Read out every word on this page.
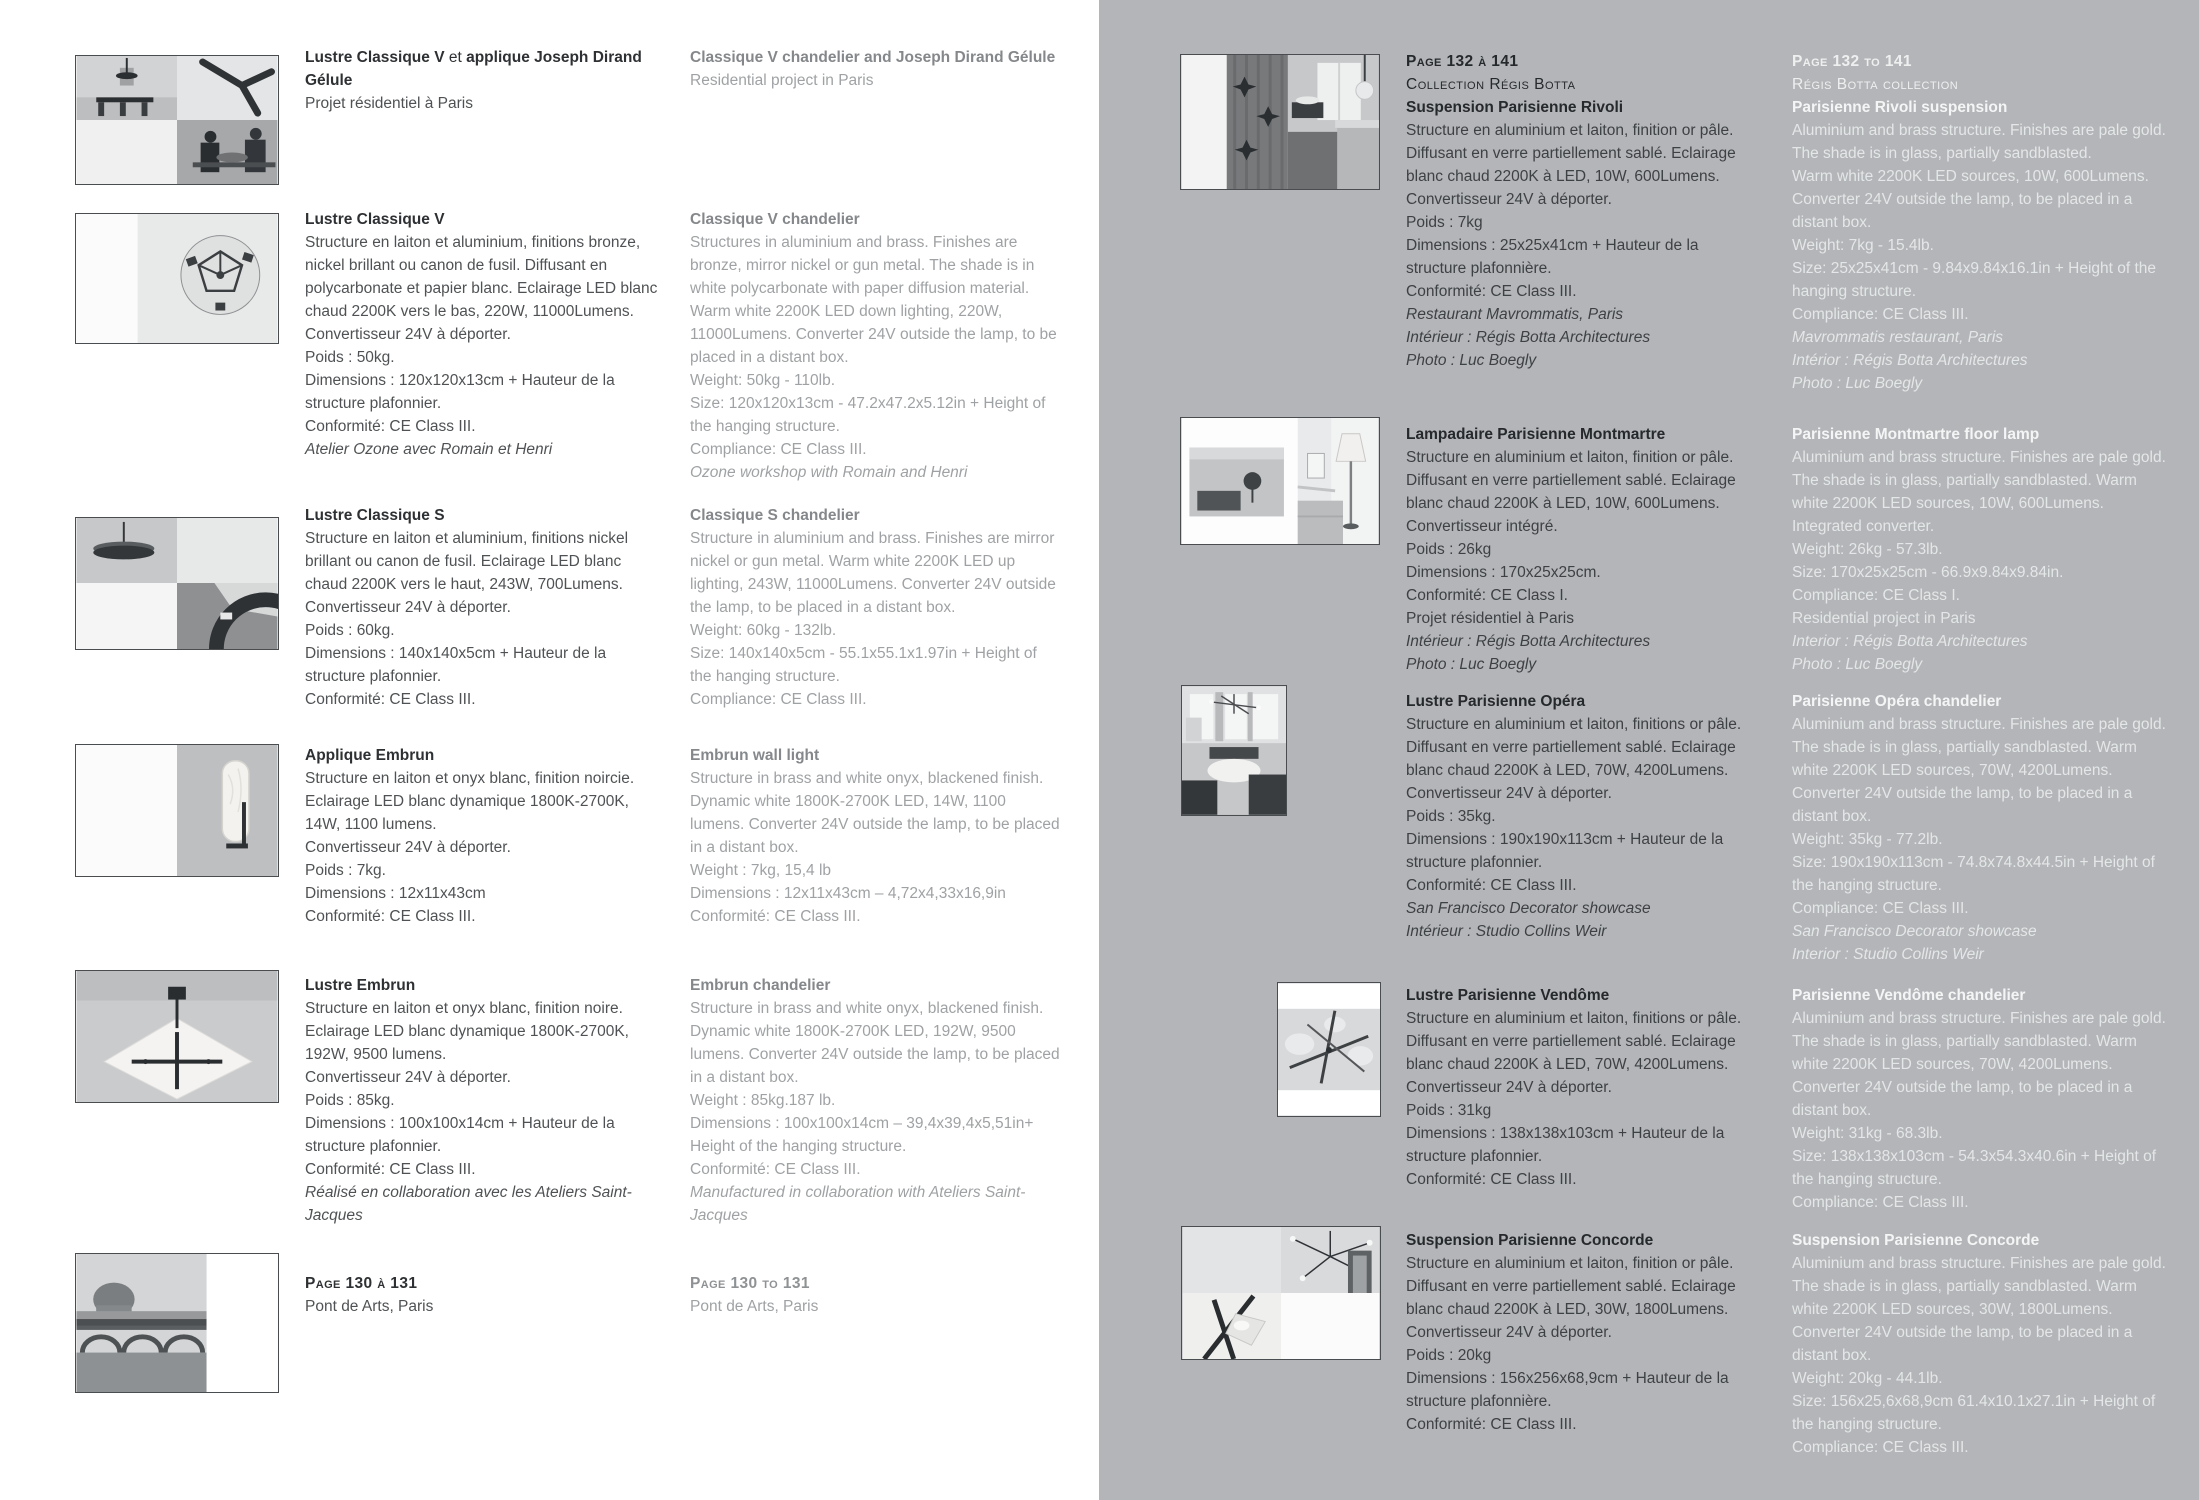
Lustre Classique V et applique Joseph Dirand Gélule

Projet résidentiel à Paris

Lustre Classique V

Structure en laiton et aluminium, finitions bronze, nickel brillant ou canon de fusil. Diffusant en polycarbonate et papier blanc. Eclairage LED blanc chaud 2200K vers le bas, 220W, 11000Lumens. Convertisseur 24V à déporter.

Poids : 50kg.

Dimensions : 120x120x13cm + Hauteur de la structure plafonnier.

Conformité: CE Class III.

Atelier Ozone avec Romain et Henri

Lustre Classique S

Structure en laiton et aluminium, finitions nickel brillant ou canon de fusil. Eclairage LED blanc chaud 2200K vers le haut, 243W, 700Lumens. Convertisseur 24V à déporter.

Poids : 60kg.

Dimensions : 140x140x5cm + Hauteur de la structure plafonnier.

Conformité: CE Class III.

Applique Embrun

Structure en laiton et onyx blanc, finition noircie.

Eclairage LED blanc dynamique 1800K-2700K, 14W, 1100 lumens.

Convertisseur 24V à déporter.

Poids : 7kg.

Dimensions : 12x11x43cm

Conformité: CE Class III.

Lustre Embrun

Structure en laiton et onyx blanc, finition noire.

Eclairage LED blanc dynamique 1800K-2700K, 192W, 9500 lumens.

Convertisseur 24V à déporter.

Poids : 85kg.

Dimensions : 100x100x14cm + Hauteur de la structure plafonnier.

Conformité: CE Class III.

Réalisé en collaboration avec les Ateliers Saint-Jacques

Page 130 à 131

Pont de Arts, Paris

Classique V chandelier and Joseph Dirand Gélule

Residential project in Paris

Classique V chandelier

Structures in aluminium and brass. Finishes are bronze, mirror nickel or gun metal. The shade is in white polycarbonate with paper diffusion material. Warm white 2200K LED down lighting, 220W, 11000Lumens. Converter 24V outside the lamp, to be placed in a distant box.

Weight: 50kg - 110lb.

Size: 120x120x13cm - 47.2x47.2x5.12in + Height of the hanging structure.

Compliance: CE Class III.

Ozone workshop with Romain and Henri

Classique S chandelier

Structure in aluminium and brass. Finishes are mirror nickel or gun metal. Warm white 2200K LED up lighting, 243W, 11000Lumens. Converter 24V outside the lamp, to be placed in a distant box.

Weight: 60kg - 132lb.

Size: 140x140x5cm - 55.1x55.1x1.97in + Height of the hanging structure.

Compliance: CE Class III.

Embrun wall light

Structure in brass and white onyx, blackened finish.

Dynamic white 1800K-2700K LED, 14W, 1100 lumens. Converter 24V outside the lamp, to be placed in a distant box.

Weight : 7kg, 15,4 lb

Dimensions : 12x11x43cm – 4,72x4,33x16,9in

Conformité: CE Class III.

Embrun chandelier

Structure in brass and white onyx, blackened finish.

Dynamic white 1800K-2700K LED, 192W, 9500 lumens. Converter 24V outside the lamp, to be placed in a distant box.

Weight : 85kg.187 lb.

Dimensions : 100x100x14cm – 39,4x39,4x5,51in+ Height of the hanging structure.

Conformité: CE Class III.

Manufactured in collaboration with Ateliers Saint-Jacques

Page 130 to 131

Pont de Arts, Paris

Page 132 à 141

Collection Régis Botta

Suspension Parisienne Rivoli

Structure en aluminium et laiton, finition or pâle. Diffusant en verre partiellement sablé. Eclairage blanc chaud 2200K à LED, 10W, 600Lumens. Convertisseur 24V à déporter.

Poids : 7kg

Dimensions : 25x25x41cm + Hauteur de la structure plafonnière.

Conformité: CE Class III.

Restaurant Mavrommatis, Paris

Intérieur : Régis Botta Architectures

Photo : Luc Boegly

Lampadaire Parisienne Montmartre

Structure en aluminium et laiton, finition or pâle. Diffusant en verre partiellement sablé. Eclairage blanc chaud 2200K à LED, 10W, 600Lumens. Convertisseur intégré.

Poids : 26kg

Dimensions : 170x25x25cm.

Conformité: CE Class I.

Projet résidentiel à Paris

Intérieur : Régis Botta Architectures

Photo : Luc Boegly

Lustre Parisienne Opéra

Structure en aluminium et laiton, finitions or pâle. Diffusant en verre partiellement sablé. Eclairage blanc chaud 2200K à LED, 70W, 4200Lumens. Convertisseur 24V à déporter.

Poids : 35kg.

Dimensions : 190x190x113cm + Hauteur de la structure plafonnier.

Conformité: CE Class III.

San Francisco Decorator showcase

Intérieur : Studio Collins Weir

Lustre Parisienne Vendôme

Structure en aluminium et laiton, finitions or pâle. Diffusant en verre partiellement sablé. Eclairage blanc chaud 2200K à LED, 70W, 4200Lumens. Convertisseur 24V à déporter.

Poids : 31kg

Dimensions : 138x138x103cm + Hauteur de la structure plafonnier.

Conformité: CE Class III.

Suspension Parisienne Concorde

Structure en aluminium et laiton, finition or pâle. Diffusant en verre partiellement sablé. Eclairage blanc chaud 2200K à LED, 30W, 1800Lumens. Convertisseur 24V à déporter.

Poids : 20kg

Dimensions : 156x256x68,9cm + Hauteur de la structure plafonnière.

Conformité: CE Class III.

Page 132 to 141

Régis Botta collection

Parisienne Rivoli suspension

Aluminium and brass structure. Finishes are pale gold. The shade is in glass, partially sandblasted.

Warm white 2200K LED sources, 10W, 600Lumens. Converter 24V outside the lamp, to be placed in a distant box.

Weight: 7kg - 15.4lb.

Size: 25x25x41cm - 9.84x9.84x16.1in + Height of the hanging structure.

Compliance: CE Class III.

Mavrommatis restaurant, Paris

Intérior : Régis Botta Architectures

Photo : Luc Boegly

Parisienne Montmartre floor lamp

Aluminium and brass structure. Finishes are pale gold. The shade is in glass, partially sandblasted. Warm white 2200K LED sources, 10W, 600Lumens. Integrated converter.

Weight: 26kg - 57.3lb.

Size: 170x25x25cm - 66.9x9.84x9.84in.

Compliance: CE Class I.

Residential project in Paris

Interior : Régis Botta Architectures

Photo : Luc Boegly

Parisienne Opéra chandelier

Aluminium and brass structure. Finishes are pale gold. The shade is in glass, partially sandblasted. Warm white 2200K LED sources, 70W, 4200Lumens. Converter 24V outside the lamp, to be placed in a distant box.

Weight: 35kg - 77.2lb.

Size: 190x190x113cm - 74.8x74.8x44.5in + Height of the hanging structure.

Compliance: CE Class III.

San Francisco Decorator showcase

Interior : Studio Collins Weir

Parisienne Vendôme chandelier

Aluminium and brass structure. Finishes are pale gold. The shade is in glass, partially sandblasted. Warm white 2200K LED sources, 70W, 4200Lumens. Converter 24V outside the lamp, to be placed in a distant box.

Weight: 31kg - 68.3lb.

Size: 138x138x103cm - 54.3x54.3x40.6in + Height of the hanging structure.

Compliance: CE Class III.

Suspension Parisienne Concorde

Aluminium and brass structure. Finishes are pale gold. The shade is in glass, partially sandblasted. Warm white 2200K LED sources, 30W, 1800Lumens. Converter 24V outside the lamp, to be placed in a distant box.

Weight: 20kg - 44.1lb.

Size: 156x25,6x68,9cm 61.4x10.1x27.1in + Height of the hanging structure.

Compliance: CE Class III.
